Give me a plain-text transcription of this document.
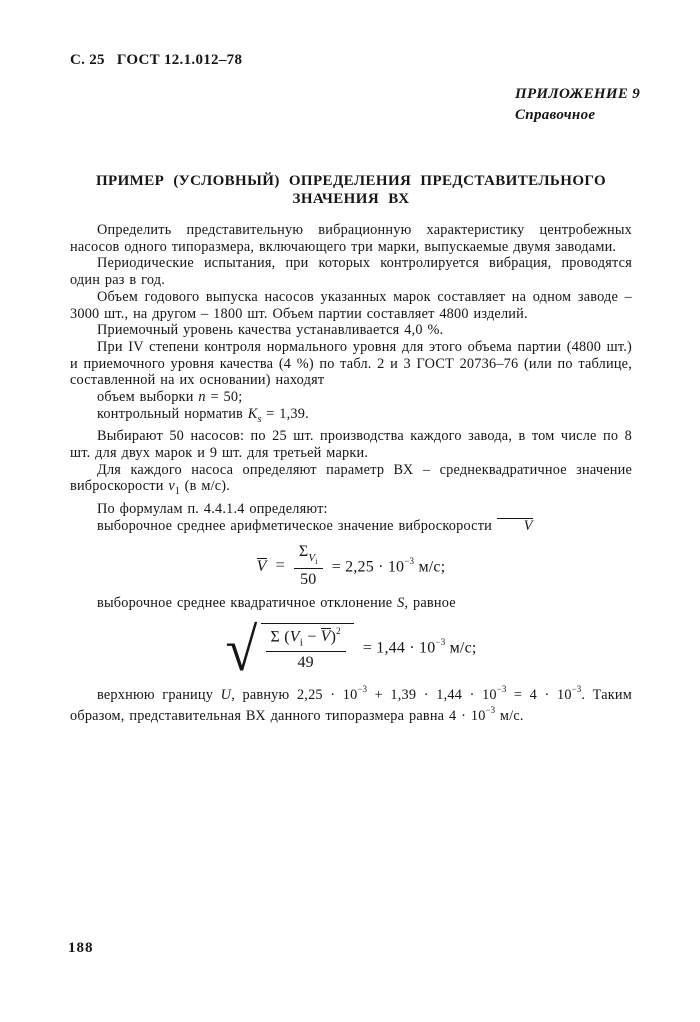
С. 25 ГОСТ 12.1.012–78
ПРИЛОЖЕНИЕ 9
Справочное
ПРИМЕР (УСЛОВНЫЙ) ОПРЕДЕЛЕНИЯ ПРЕДСТАВИТЕЛЬНОГО ЗНАЧЕНИЯ ВХ

Определить представительную вибрационную характеристику центробежных насосов одного типоразмера, включающего три марки, выпускаемые двумя заводами.

Периодические испытания, при которых контролируется вибрация, проводятся один раз в год.

Объем годового выпуска насосов указанных марок составляет на одном заводе – 3000 шт., на другом – 1800 шт. Объем партии составляет 4800 изделий.

Приемочный уровень качества устанавливается 4,0 %.

При IV степени контроля нормального уровня для этого объема партии (4800 шт.) и приемочного уровня качества (4 %) по табл. 2 и 3 ГОСТ 20736–76 (или по таблице, составленной на их основании) находят

объем выборки n = 50;

контрольный норматив $K_s = 1,39$.

Выбирают 50 насосов: по 25 шт. производства каждого завода, в том числе по 8 шт. для двух марок и 9 шт. для третьей марки.

Для каждого насоса определяют параметр ВХ – среднеквадратичное значение виброскорости $v_1$ (в м/с).

По формулам п. 4.4.1.4 определяют:

выборочное среднее арифметическое значение виброскорости V

$V = \frac{\Sigma_{V_i}}{50} = 2,25 \cdot 10^{-3}$ м/с;

выборочное среднее квадратичное отклонение S, равное

√ $\frac{\Sigma (V_i - V)^2}{49} = 1,44 \cdot 10^{-3}$ м/с;

верхнюю границу U, равную $2,25 \cdot 10^{-3} + 1,39 \cdot 1,44 \cdot 10^{-3} = 4 \cdot 10^{-3}$. Таким образом, представительная ВХ данного типоразмера равна $4 \cdot 10^{-3}$ м/с.

188
